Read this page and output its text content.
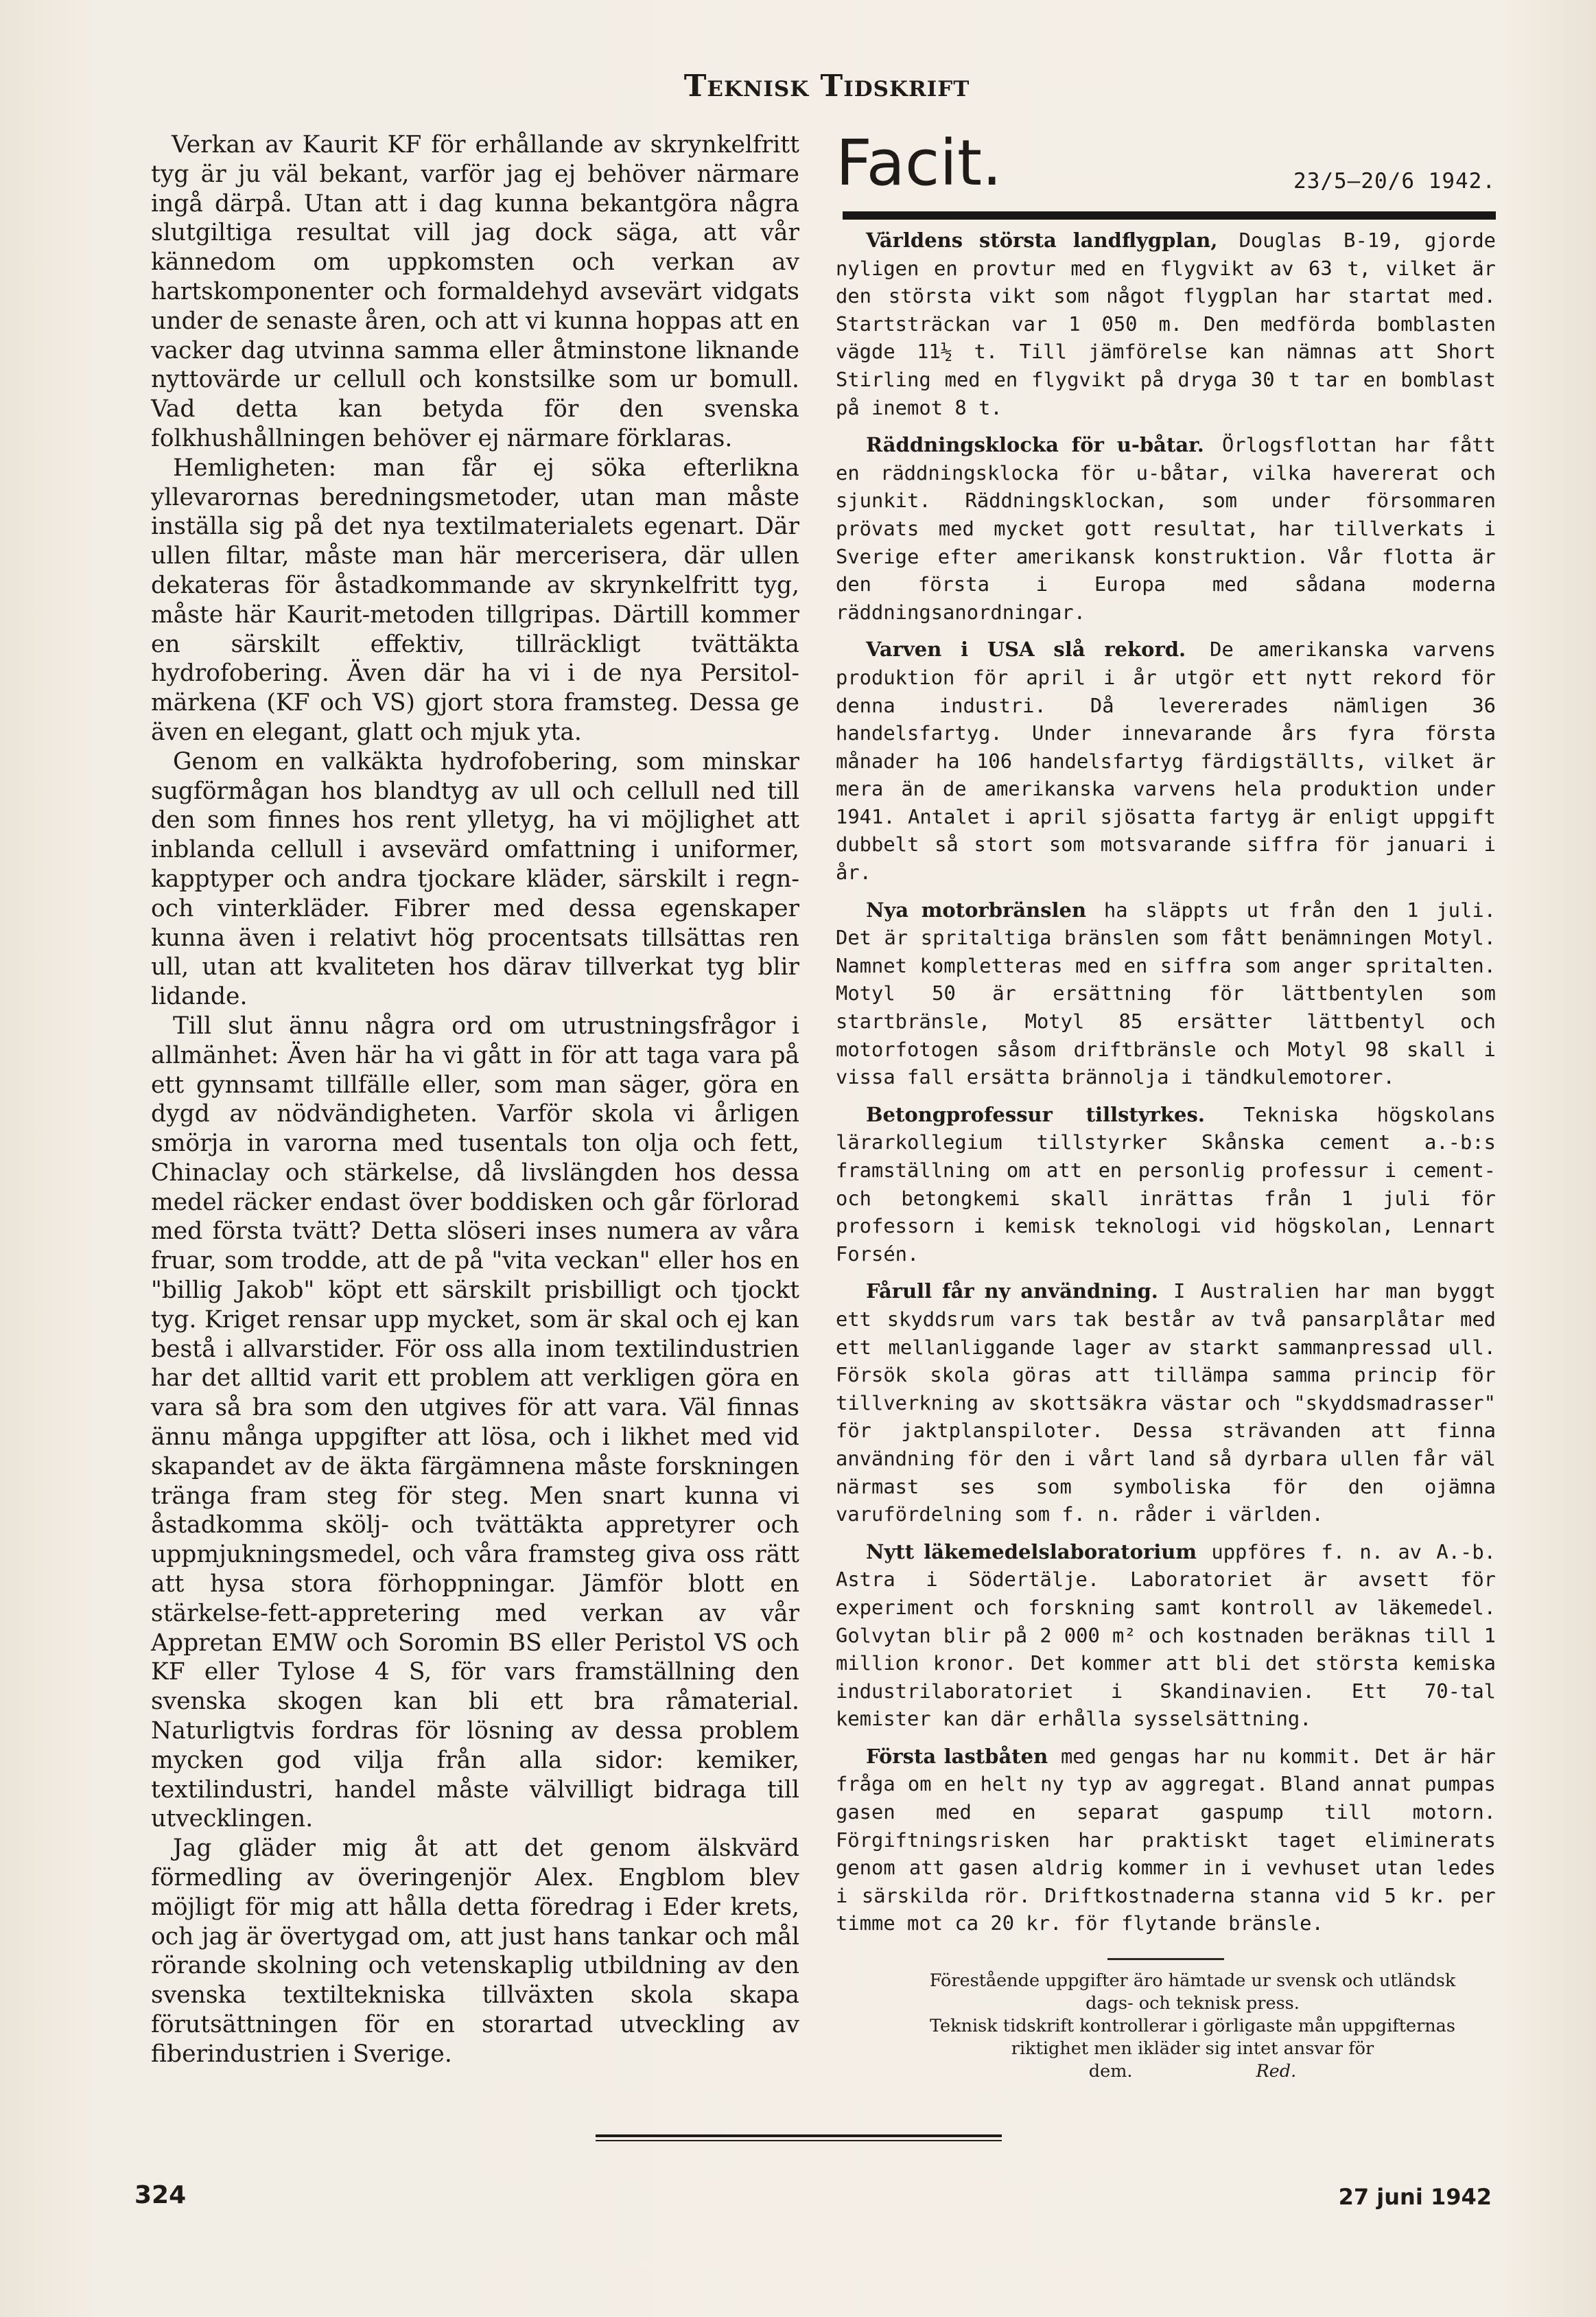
Teknisk Tidskrift

Verkan av Kaurit KF för erhållande av skrynkelfritt tyg är ju väl bekant, varför jag ej behöver närmare ingå därpå. Utan att i dag kunna bekantgöra några slutgiltiga resultat vill jag dock säga, att vår kännedom om uppkomsten och verkan av hartskomponenter och formaldehyd avsevärt vidgats under de senaste åren, och att vi kunna hoppas att en vacker dag utvinna samma eller åtminstone liknande nyttovärde ur cellull och konstsilke som ur bomull. Vad detta kan betyda för den svenska folkhushållningen behöver ej närmare förklaras.

Hemligheten: man får ej söka efterlikna yllevarornas beredningsmetoder, utan man måste inställa sig på det nya textilmaterialets egenart. Där ullen filtar, måste man här mercerisera, där ullen dekateras för åstadkommande av skrynkelfritt tyg, måste här Kaurit-metoden tillgripas. Därtill kommer en särskilt effektiv, tillräckligt tvättäkta hydrofobering. Även där ha vi i de nya Persitol-märkena (KF och VS) gjort stora framsteg. Dessa ge även en elegant, glatt och mjuk yta.

Genom en valkäkta hydrofobering, som minskar sugförmågan hos blandtyg av ull och cellull ned till den som finnes hos rent ylletyg, ha vi möjlighet att inblanda cellull i avsevärd omfattning i uniformer, kapptyper och andra tjockare kläder, särskilt i regn- och vinterkläder. Fibrer med dessa egenskaper kunna även i relativt hög procentsats tillsättas ren ull, utan att kvaliteten hos därav tillverkat tyg blir lidande.

Till slut ännu några ord om utrustningsfrågor i allmänhet: Även här ha vi gått in för att taga vara på ett gynnsamt tillfälle eller, som man säger, göra en dygd av nödvändigheten. Varför skola vi årligen smörja in varorna med tusentals ton olja och fett, Chinaclay och stärkelse, då livslängden hos dessa medel räcker endast över boddisken och går förlorad med första tvätt? Detta slöseri inses numera av våra fruar, som trodde, att de på "vita veckan" eller hos en "billig Jakob" köpt ett särskilt prisbilligt och tjockt tyg. Kriget rensar upp mycket, som är skal och ej kan bestå i allvarstider. För oss alla inom textilindustrien har det alltid varit ett problem att verkligen göra en vara så bra som den utgives för att vara. Väl finnas ännu många uppgifter att lösa, och i likhet med vid skapandet av de äkta färgämnena måste forskningen tränga fram steg för steg. Men snart kunna vi åstadkomma skölj- och tvättäkta appretyrer och uppmjukningsmedel, och våra framsteg giva oss rätt att hysa stora förhoppningar. Jämför blott en stärkelse-fett-appretering med verkan av vår Appretan EMW och Soromin BS eller Peristol VS och KF eller Tylose 4 S, för vars framställning den svenska skogen kan bli ett bra råmaterial. Naturligtvis fordras för lösning av dessa problem mycken god vilja från alla sidor: kemiker, textilindustri, handel måste välvilligt bidraga till utvecklingen.

Jag gläder mig åt att det genom älskvärd förmedling av överingenjör Alex. Engblom blev möjligt för mig att hålla detta föredrag i Eder krets, och jag är övertygad om, att just hans tankar och mål rörande skolning och vetenskaplig utbildning av den svenska textiltekniska tillväxten skola skapa förutsättningen för en storartad utveckling av fiberindustrien i Sverige.

Facit.	23/5—20/6 1942.

Världens största landflygplan, Douglas B-19, gjorde nyligen en provtur med en flygvikt av 63 t, vilket är den största vikt som något flygplan har startat med. Startsträckan var 1 050 m. Den medförda bomblasten vägde 11½ t. Till jämförelse kan nämnas att Short Stirling med en flygvikt på dryga 30 t tar en bomblast på inemot 8 t.

Räddningsklocka för u-båtar. Örlogsflottan har fått en räddningsklocka för u-båtar, vilka havererat och sjunkit. Räddningsklockan, som under försommaren prövats med mycket gott resultat, har tillverkats i Sverige efter amerikansk konstruktion. Vår flotta är den första i Europa med sådana moderna räddningsanordningar.

Varven i USA slå rekord. De amerikanska varvens produktion för april i år utgör ett nytt rekord för denna industri. Då levererades nämligen 36 handelsfartyg. Under innevarande års fyra första månader ha 106 handelsfartyg färdigställts, vilket är mera än de amerikanska varvens hela produktion under 1941. Antalet i april sjösatta fartyg är enligt uppgift dubbelt så stort som motsvarande siffra för januari i år.

Nya motorbränslen ha släppts ut från den 1 juli. Det är spritaltiga bränslen som fått benämningen Motyl. Namnet kompletteras med en siffra som anger spritalten. Motyl 50 är ersättning för lättbentylen som startbränsle, Motyl 85 ersätter lättbentyl och motorfotogen såsom driftbränsle och Motyl 98 skall i vissa fall ersätta brännolja i tändkulemotorer.

Betongprofessur tillstyrkes. Tekniska högskolans lärarkollegium tillstyrker Skånska cement a.-b:s framställning om att en personlig professur i cement- och betongkemi skall inrättas från 1 juli för professorn i kemisk teknologi vid högskolan, Lennart Forsén.

Fårull får ny användning. I Australien har man byggt ett skyddsrum vars tak består av två pansarplåtar med ett mellanliggande lager av starkt sammanpressad ull. Försök skola göras att tillämpa samma princip för tillverkning av skottsäkra västar och "skyddsmadrasser" för jaktplanspiloter. Dessa strävanden att finna användning för den i vårt land så dyrbara ullen får väl närmast ses som symboliska för den ojämna varufördelning som f. n. råder i världen.

Nytt läkemedelslaboratorium uppföres f. n. av A.-b. Astra i Södertälje. Laboratoriet är avsett för experiment och forskning samt kontroll av läkemedel. Golvytan blir på 2 000 m² och kostnaden beräknas till 1 million kronor. Det kommer att bli det största kemiska industrilaboratoriet i Skandinavien. Ett 70-tal kemister kan där erhålla sysselsättning.

Första lastbåten med gengas har nu kommit. Det är här fråga om en helt ny typ av aggregat. Bland annat pumpas gasen med en separat gaspump till motorn. Förgiftningsrisken har praktiskt taget eliminerats genom att gasen aldrig kommer in i vevhuset utan ledes i särskilda rör. Driftkostnaderna stanna vid 5 kr. per timme mot ca 20 kr. för flytande bränsle.

Förestående uppgifter äro hämtade ur svensk och utländsk dags- och teknisk press.
Teknisk tidskrift kontrollerar i görligaste mån uppgifternas riktighet men ikläder sig intet ansvar för dem.	Red.
324	27 juni 1942
